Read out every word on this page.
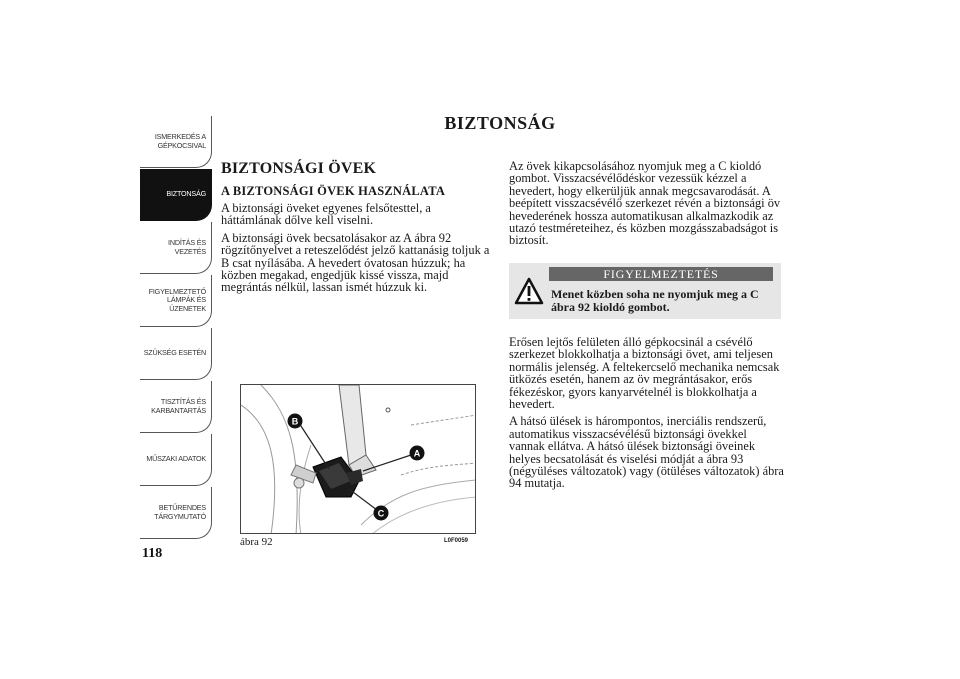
ISMERKEDÉS A
GÉPKOCSIVAL
BIZTONSÁG
INDÍTÁS ÉS
VEZETÉS
FIGYELMEZTETŐ
LÁMPÁK ÉS
ÜZENETEK
SZÜKSÉG ESETÉN
TISZTÍTÁS ÉS
KARBANTARTÁS
MŰSZAKI ADATOK
BETŰRENDES
TÁRGYMUTATÓ
118
BIZTONSÁG
BIZTONSÁGI ÖVEK
A BIZTONSÁGI ÖVEK HASZNÁLATA

A biztonsági öveket egyenes felsőtesttel, a háttámlának dőlve kell viselni.

A biztonsági övek becsatolásakor az A ábra 92 rögzítőnyelvet a reteszelődést jelző kattanásig toljuk a B csat nyílásába. A hevedert óvatosan húzzuk; ha közben megakad, engedjük kissé vissza, majd megrántás nélkül, lassan ismét húzzuk ki.

Az övek kikapcsolásához nyomjuk meg a C kioldó gombot. Visszacsévélődéskor vezessük kézzel a hevedert, hogy elkerüljük annak megcsavarodását. A beépített visszacsévélő szerkezet révén a biztonsági öv hevederének hossza automatikusan alkalmazkodik az utazó testméreteihez, és közben mozgásszabadságot is biztosít.

FIGYELMEZTETÉS
Menet közben soha ne nyomjuk meg a C ábra 92 kioldó gombot.

Erősen lejtős felületen álló gépkocsinál a csévélő szerkezet blokkolhatja a biztonsági övet, ami teljesen normális jelenség. A feltekercselő mechanika nemcsak ütközés esetén, hanem az öv megrántásakor, erős fékezéskor, gyors kanyarvételnél is blokkolhatja a hevedert.

A hátsó ülések is hárompontos, inerciális rendszerű, automatikus visszacsévélésű biztonsági övekkel vannak ellátva. A hátsó ülések biztonsági öveinek helyes becsatolását és viselési módját a ábra 93 (négyüléses változatok) vagy (ötüléses változatok) ábra 94 mutatja.

B
A
C
ábra 92	L0F0059
